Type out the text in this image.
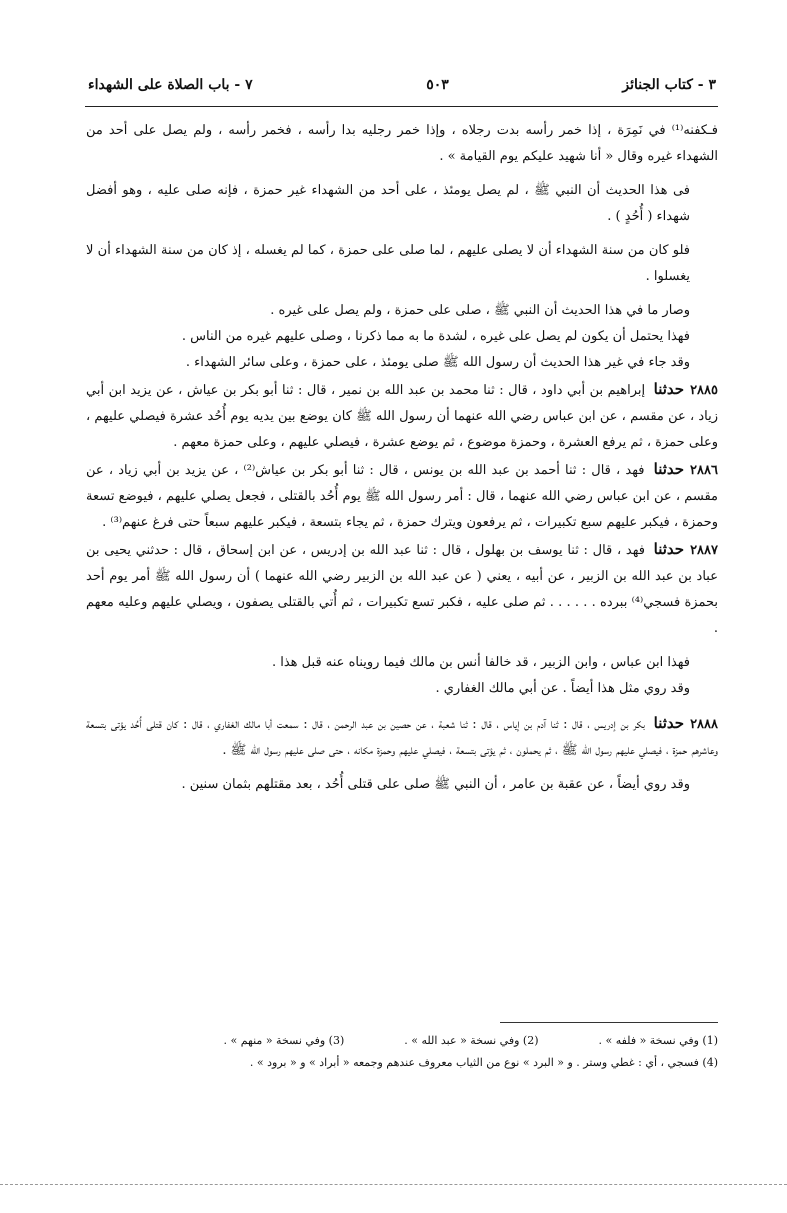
٣ - كتاب الجنائز
٥٠٣
٧ - باب الصلاة على الشهداء

فـكفنه⁽¹⁾ في نَمِرَة ، إذا خمر رأسه بدت رجلاه ، وإذا خمر رجليه بدا رأسه ، فخمر رأسه ، ولم يصل على أحد من الشهداء غيره وقال « أنا شهيد عليكم يوم القيامة » .

فى هذا الحديث أن النبي ﷺ ، لم يصل يومئذ ، على أحد من الشهداء غير حمزة ، فإنه صلى عليه ، وهو أفضل شهداء ( أُحُدٍ ) .

فلو كان من سنة الشهداء أن لا يصلى عليهم ، لما صلى على حمزة ، كما لم يغسله ، إذ كان من سنة الشهداء أن لا يغسلوا .

وصار ما في هذا الحديث أن النبي ﷺ ، صلى على حمزة ، ولم يصل على غيره .

فهذا يحتمل أن يكون لم يصل على غيره ، لشدة ما به مما ذكرنا ، وصلى عليهم غيره من الناس .

وقد جاء في غير هذا الحديث أن رسول الله ﷺ صلى يومئذ ، على حمزة ، وعلى سائر الشهداء .

٢٨٨٥حدثنا إبراهيم بن أبي داود ، قال : ثنا محمد بن عبد الله بن نمير ، قال : ثنا أبو بكر بن عياش ، عن يزيد ابن أبي زياد ، عن مقسم ، عن ابن عباس رضي الله عنهما أن رسول الله ﷺ كان يوضع بين يديه يوم أُحُد عشرة فيصلي عليهم ، وعلى حمزة ، ثم يرفع العشرة ، وحمزة موضوع ، ثم يوضع عشرة ، فيصلي عليهم ، وعلى حمزة معهم .

٢٨٨٦حدثنا فهد ، قال : ثنا أحمد بن عبد الله بن يونس ، قال : ثنا أبو بكر بن عياش⁽²⁾ ، عن يزيد بن أبي زياد ، عن مقسم ، عن ابن عباس رضي الله عنهما ، قال : أمر رسول الله ﷺ يوم أُحُد بالقتلى ، فجعل يصلي عليهم ، فيوضع تسعة وحمزة ، فيكبر عليهم سبع تكبيرات ، ثم يرفعون ويترك حمزة ، ثم يجاء بتسعة ، فيكبر عليهم سبعاً حتى فرغ عنهم⁽³⁾ .

٢٨٨٧حدثنا فهد ، قال : ثنا يوسف بن بهلول ، قال : ثنا عبد الله بن إدريس ، عن ابن إسحاق ، قال : حدثني يحيى بن عباد بن عبد الله بن الزبير ، عن أبيه ، يعني ( عن عبد الله بن الزبير رضي الله عنهما ) أن رسول الله ﷺ أمر يوم أحد بحمزة فسجي⁽⁴⁾ ببرده . . . . . . ثم صلى عليه ، فكبر تسع تكبيرات ، ثم أُتي بالقتلى يصفون ، ويصلي عليهم وعليه معهم .

فهذا ابن عباس ، وابن الزبير ، قد خالفا أنس بن مالك فيما رويناه عنه قبل هذا .

وقد روي مثل هذا أيضاً . عن أبي مالك الغفاري .

٢٨٨٨حدثنا بكر بن إدريس ، قال : ثنا آدم بن إياس ، قال : ثنا شعبة ، عن حصين بن عبد الرحمن ، قال : سمعت أبا مالك الغفاري ، قال : كان قتلى أُحُد يؤتى بتسعة وعاشرهم حمزة ، فيصلي عليهم رسول الله ﷺ ، ثم يحملون ، ثم يؤتى بتسعة ، فيصلي عليهم وحمزة مكانه ، حتى صلى عليهم رسول الله ﷺ .

وقد روي أيضاً ، عن عقبة بن عامر ، أن النبي ﷺ صلى على قتلى أُحُد ، بعد مقتلهم بثمان سنين .

(1) وفي نسخة « فلفه » .
(2) وفي نسخة « عبد الله » .
(3) وفي نسخة « منهم » .
(4) فسجي ، أي : غطي وستر . و « البرد » نوع من الثياب معروف عندهم وجمعه « أبراد » و « برود » .
